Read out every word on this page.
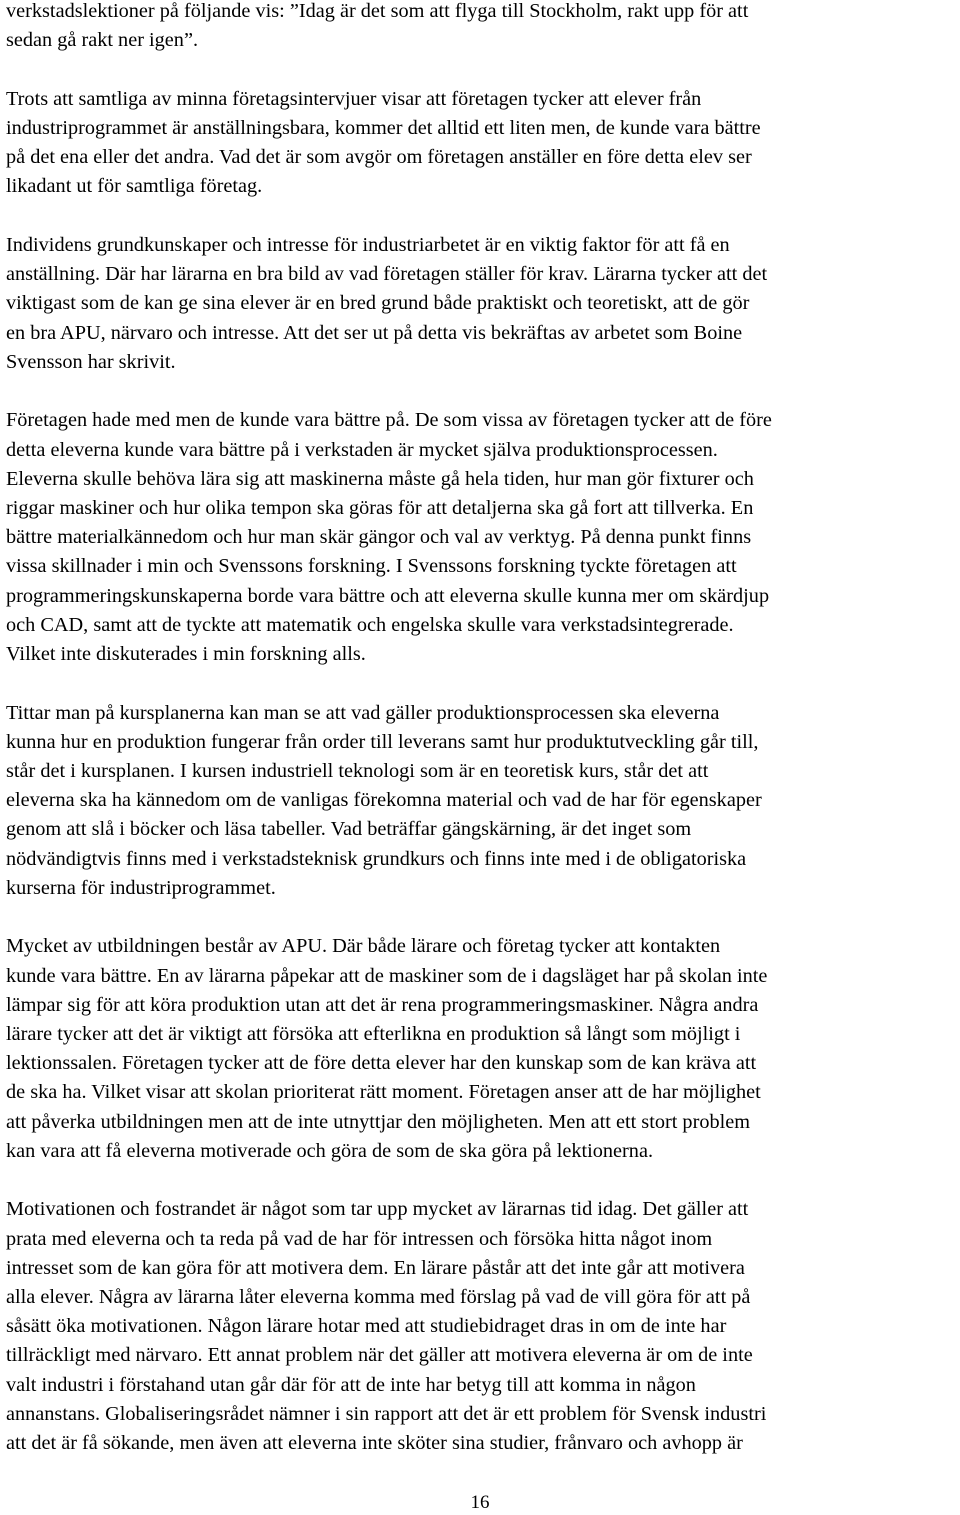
verkstadslektioner på följande vis: ”Idag är det som att flyga till Stockholm, rakt upp för att

sedan gå rakt ner igen”.

Trots att samtliga av minna företagsintervjuer visar att företagen tycker att elever från

industriprogrammet är anställningsbara, kommer det alltid ett liten men, de kunde vara bättre

på det ena eller det andra. Vad det är som avgör om företagen anställer en före detta elev ser

likadant ut för samtliga företag.

Individens grundkunskaper och intresse för industriarbetet är en viktig faktor för att få en

anställning. Där har lärarna en bra bild av vad företagen ställer för krav. Lärarna tycker att det

viktigast som de kan ge sina elever är en bred grund både praktiskt och teoretiskt, att de gör

en bra APU, närvaro och intresse. Att det ser ut på detta vis bekräftas av arbetet som Boine

Svensson har skrivit.

Företagen hade med men de kunde vara bättre på. De som vissa av företagen tycker att de före

detta eleverna kunde vara bättre på i verkstaden är mycket själva produktionsprocessen.

Eleverna skulle behöva lära sig att maskinerna måste gå hela tiden, hur man gör fixturer och

riggar maskiner och hur olika tempon ska göras för att detaljerna ska gå fort att tillverka. En

bättre materialkännedom och hur man skär gängor och val av verktyg. På denna punkt finns

vissa skillnader i min och Svenssons forskning. I Svenssons forskning tyckte företagen att

programmeringskunskaperna borde vara bättre och att eleverna skulle kunna mer om skärdjup

och CAD, samt att de tyckte att matematik och engelska skulle vara verkstadsintegrerade.

Vilket inte diskuterades i min forskning alls.

Tittar man på kursplanerna kan man se att vad gäller produktionsprocessen ska eleverna

kunna hur en produktion fungerar från order till leverans samt hur produktutveckling går till,

står det i kursplanen. I kursen industriell teknologi som är en teoretisk kurs, står det att

eleverna ska ha kännedom om de vanligas förekomna material och vad de har för egenskaper

genom att slå i böcker och läsa tabeller. Vad beträffar gängskärning, är det inget som

nödvändigtvis finns med i verkstadsteknisk grundkurs och finns inte med i de obligatoriska

kurserna för industriprogrammet.

Mycket av utbildningen består av APU. Där både lärare och företag tycker att kontakten

kunde vara bättre. En av lärarna påpekar att de maskiner som de i dagsläget har på skolan inte

lämpar sig för att köra produktion utan att det är rena programmeringsmaskiner. Några andra

lärare tycker att det är viktigt att försöka att efterlikna en produktion så långt som möjligt i

lektionssalen. Företagen tycker att de före detta elever har den kunskap som de kan kräva att

de ska ha. Vilket visar att skolan prioriterat rätt moment. Företagen anser att de har möjlighet

att påverka utbildningen men att de inte utnyttjar den möjligheten. Men att ett stort problem

kan vara att få eleverna motiverade och göra de som de ska göra på lektionerna.

Motivationen och fostrandet är något som tar upp mycket av lärarnas tid idag. Det gäller att

prata med eleverna och ta reda på vad de har för intressen och försöka hitta något inom

intresset som de kan göra för att motivera dem. En lärare påstår att det inte går att motivera

alla elever. Några av lärarna låter eleverna komma med förslag på vad de vill göra för att på

såsätt öka motivationen. Någon lärare hotar med att studiebidraget dras in om de inte har

tillräckligt med närvaro. Ett annat problem när det gäller att motivera eleverna är om de inte

valt industri i förstahand utan går där för att de inte har betyg till att komma in någon

annanstans. Globaliseringsrådet nämner i sin rapport att det är ett problem för Svensk industri

att det är få sökande, men även att eleverna inte sköter sina studier, frånvaro och avhopp är

16
